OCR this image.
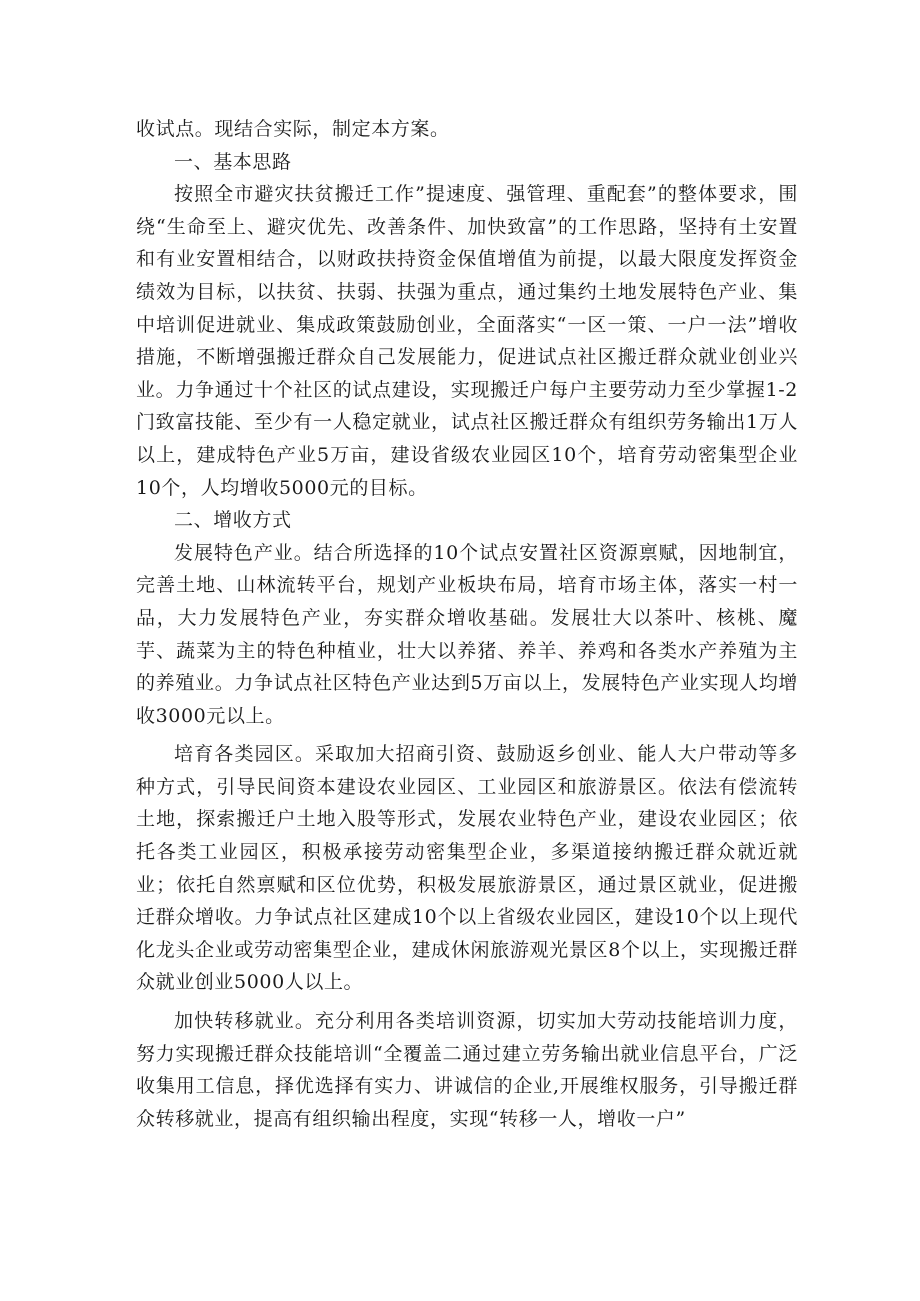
收试点。现结合实际，制定本方案。

一、基本思路

按照全市避灾扶贫搬迁工作”提速度、强管理、重配套”的整体要求，围绕“生命至上、避灾优先、改善条件、加快致富”的工作思路，坚持有土安置和有业安置相结合，以财政扶持资金保值增值为前提，以最大限度发挥资金绩效为目标，以扶贫、扶弱、扶强为重点，通过集约土地发展特色产业、集中培训促进就业、集成政策鼓励创业，全面落实“一区一策、一户一法”增收措施，不断增强搬迁群众自己发展能力，促进试点社区搬迁群众就业创业兴业。力争通过十个社区的试点建设，实现搬迁户每户主要劳动力至少掌握1-2门致富技能、至少有一人稳定就业，试点社区搬迁群众有组织劳务输出1万人以上，建成特色产业5万亩，建设省级农业园区10个，培育劳动密集型企业10个，人均增收5000元的目标。

二、增收方式

发展特色产业。结合所选择的10个试点安置社区资源禀赋，因地制宜，完善土地、山林流转平台，规划产业板块布局，培育市场主体，落实一村一品，大力发展特色产业，夯实群众增收基础。发展壮大以茶叶、核桃、魔芋、蔬菜为主的特色种植业，壮大以养猪、养羊、养鸡和各类水产养殖为主的养殖业。力争试点社区特色产业达到5万亩以上，发展特色产业实现人均增收3000元以上。

培育各类园区。采取加大招商引资、鼓励返乡创业、能人大户带动等多种方式，引导民间资本建设农业园区、工业园区和旅游景区。依法有偿流转土地，探索搬迁户土地入股等形式，发展农业特色产业，建设农业园区；依托各类工业园区，积极承接劳动密集型企业，多渠道接纳搬迁群众就近就业；依托自然禀赋和区位优势，积极发展旅游景区，通过景区就业，促进搬迁群众增收。力争试点社区建成10个以上省级农业园区，建设10个以上现代化龙头企业或劳动密集型企业，建成休闲旅游观光景区8个以上，实现搬迁群众就业创业5000人以上。

加快转移就业。充分利用各类培训资源，切实加大劳动技能培训力度，努力实现搬迁群众技能培训“全覆盖二通过建立劳务输出就业信息平台，广泛收集用工信息，择优选择有实力、讲诚信的企业,开展维权服务，引导搬迁群众转移就业，提高有组织输出程度，实现“转移一人，增收一户”
